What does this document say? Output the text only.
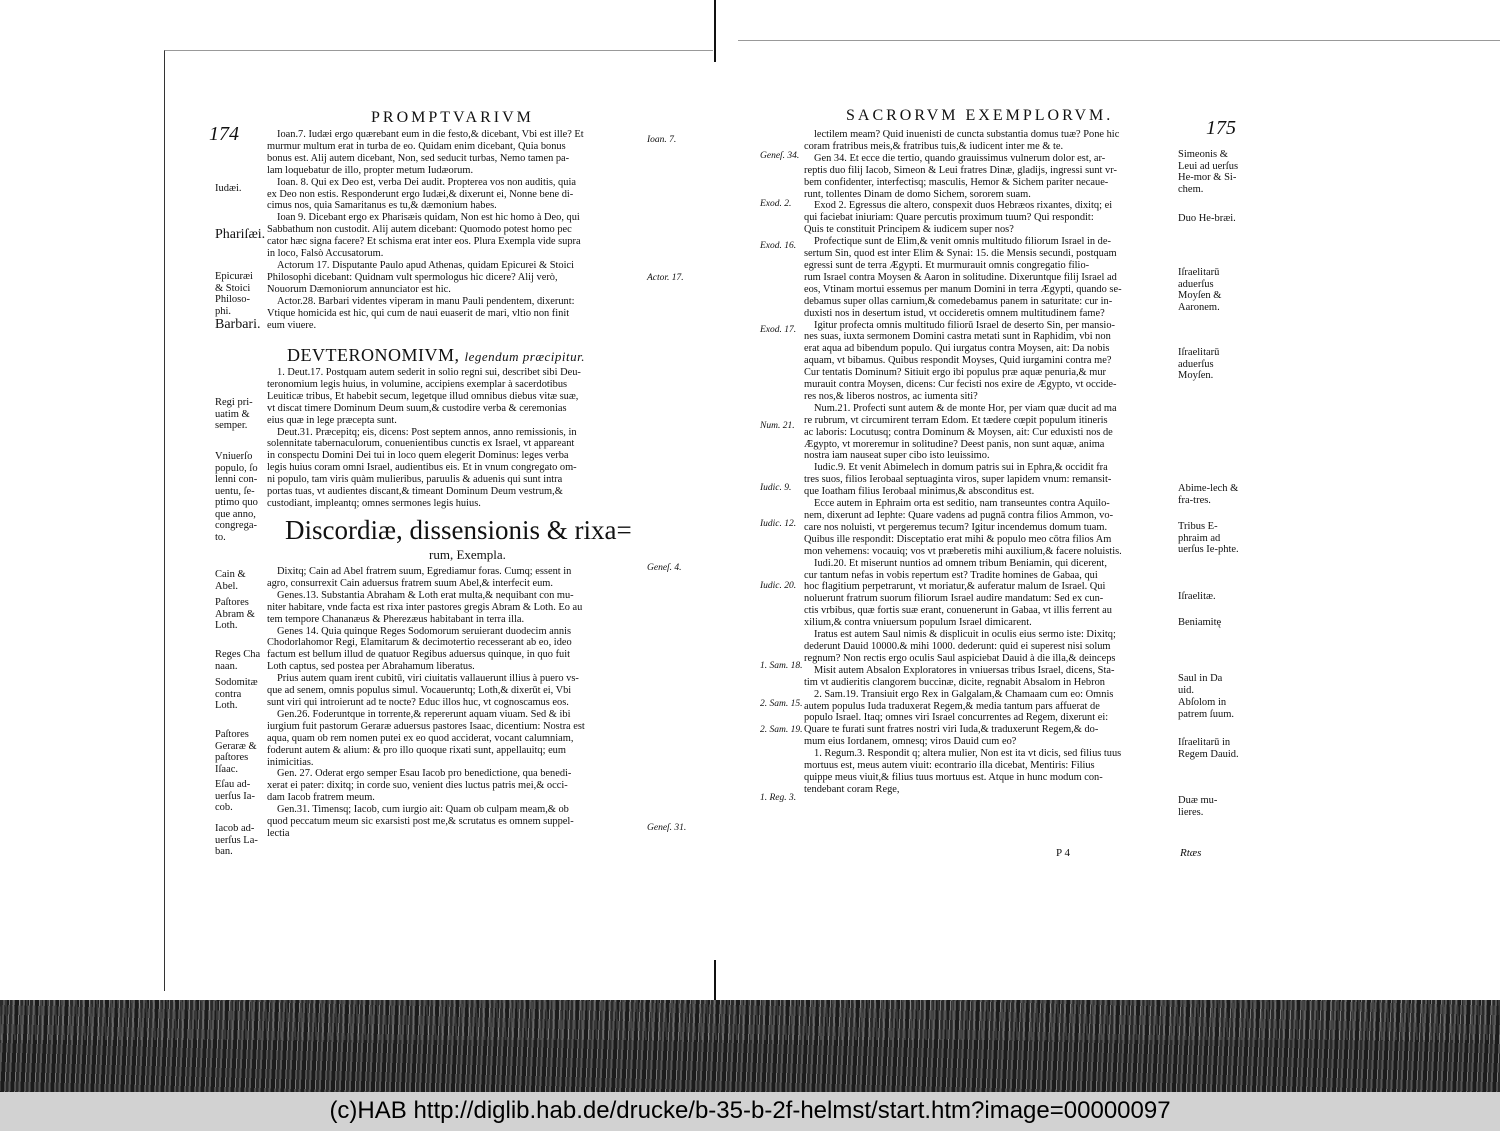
PROMPTVARIVM
174	Ioan.7. Iudæi ergo quærebant eum in die festo,& dicebant, Vbi est ille? Et
murmur multum erat in turba de eo. Quidam enim dicebant, Quia bonus
bonus est. Alij autem dicebant, Non, sed seducit turbas, Nemo tamen pa-
lam loquebatur de illo, propter metum Iudæorum.
Ioan. 8. Qui ex Deo est, verba Dei audit. Propterea vos non auditis, quia
ex Deo non estis. Responderunt ergo Iudæi,& dixerunt ei, Nonne bene di-
cimus nos, quia Samaritanus es tu,& dæmonium habes.
Ioan 9. Dicebant ergo ex Pharisæis quidam, Non est hic homo à Deo, qui
Sabbathum non custodit. Alij autem dicebant: Quomodo potest homo pec
cator hæc signa facere? Et schisma erat inter eos. Plura Exempla vide supra
in loco, Falsò Accusatorum.
Actorum 17. Disputante Paulo apud Athenas, quidam Epicurei & Stoici
Philosophi dicebant: Quidnam vult spermologus hic dicere? Alij verò,
Nouorum Dæmoniorum annunciator est hic.
Actor.28. Barbari videntes viperam in manu Pauli pendentem, dixerunt:
Vtique homicida est hic, qui cum de naui euaserit de mari, vltio non finit
eum viuere.
DEVTERONOMIVM, legendum præcipitur.
1. Deut.17. Postquam autem sederit in solio regni sui, describet sibi Deu-
teronomium legis huius, in volumine, accipiens exemplar à sacerdotibus
Leuiticæ tribus, Et habebit secum, legetque illud omnibus diebus vitæ suæ,
vt discat timere Dominum Deum suum,& custodire verba & ceremonias
eius quæ in lege præcepta sunt.
Deut.31. Præcepitq; eis, dicens: Post septem annos, anno remissionis, in
solennitate tabernaculorum, conuenientibus cunctis ex Israel, vt appareant
in conspectu Domini Dei tui in loco quem elegerit Dominus: leges verba
legis huius coram omni Israel, audientibus eis. Et in vnum congregato om-
ni populo, tam viris quàm mulieribus, paruulis & aduenis qui sunt intra
portas tuas, vt audientes discant,& timeant Dominum Deum vestrum,&
custodiant, impleantq; omnes sermones legis huius.
Discordiæ, dissensionis & rixa=
rum, Exempla.
Dixitq; Cain ad Abel fratrem suum, Egrediamur foras. Cumq; essent in
agro, consurrexit Cain aduersus fratrem suum Abel,& interfecit eum.
Genes.13. Substantia Abraham & Loth erat multa,& nequibant con mu-
niter habitare, vnde facta est rixa inter pastores gregis Abram & Loth. Eo au
tem tempore Chananæus & Pherezæus habitabant in terra illa.
Genes 14. Quia quinque Reges Sodomorum seruierant duodecim annis
Chodorlahomor Regi, Elamitarum & decimotertio recesserant ab eo, ideo
factum est bellum illud de quatuor Regibus aduersus quinque, in quo fuit
Loth captus, sed postea per Abrahamum liberatus.
Prius autem quam irent cubitū, viri ciuitatis vallauerunt illius à puero vs-
que ad senem, omnis populus simul. Vocaueruntq; Loth,& dixerūt ei, Vbi
sunt viri qui introierunt ad te nocte? Educ illos huc, vt cognoscamus eos.
Gen.26. Foderuntque in torrente,& repererunt aquam viuam. Sed & ibi
iurgium fuit pastorum Geraræ aduersus pastores Isaac, dicentium: Nostra est
aqua, quam ob rem nomen putei ex eo quod acciderat, vocant calumniam,
foderunt autem & alium: & pro illo quoque rixati sunt, appellauitq; eum
inimicitias.
Gen. 27. Oderat ergo semper Esau Iacob pro benedictione, qua benedi-
xerat ei pater: dixitq; in corde suo, venient dies luctus patris mei,& occi-
dam Iacob fratrem meum.
Gen.31. Timensq; Iacob, cum iurgio ait: Quam ob culpam meam,& ob
quod peccatum meum sic exarsisti post me,& scrutatus es omnem suppel-
lectia
Iudæi.
Phariſæi.
Epicuræi & Stoici Philoso-phi.
Barbari.
Regi pri-uatim & semper.
Vniuerſo populo, ſo lenni con-uentu, ſe-ptimo quo que anno, congrega-to.
Cain & Abel.
Paſtores Abram & Loth.
Reges Cha naan.
Sodomitæ contra Loth.
Paſtores Geraræ & paſtores Iſaac.
Eſau ad-uerſus Ia-cob.
Iacob ad-uerſus La-ban.
Ioan. 7.
Actor. 17.
Geneſ. 4.
Geneſ. 31.
SACRORVM EXEMPLORVM.
175
lectilem meam? Quid inuenisti de cuncta substantia domus tuæ? Pone hic
coram fratribus meis,& fratribus tuis,& iudicent inter me & te.
Gen 34. Et ecce die tertio, quando grauissimus vulnerum dolor est, ar-
reptis duo filij Iacob, Simeon & Leui fratres Dinæ, gladijs, ingressi sunt vr-
bem confidenter, interfectisq; masculis, Hemor & Sichem pariter necaue-
runt, tollentes Dinam de domo Sichem, sororem suam.
Exod 2. Egressus die altero, conspexit duos Hebræos rixantes, dixitq; ei
qui faciebat iniuriam: Quare percutis proximum tuum? Qui respondit:
Quis te constituit Principem & iudicem super nos?
Profectique sunt de Elim,& venit omnis multitudo filiorum Israel in de-
sertum Sin, quod est inter Elim & Synai: 15. die Mensis secundi, postquam
egressi sunt de terra Ægypti. Et murmurauit omnis congregatio filio-
rum Israel contra Moysen & Aaron in solitudine. Dixeruntque filij Israel ad
eos, Vtinam mortui essemus per manum Domini in terra Ægypti, quando se-
debamus super ollas carnium,& comedebamus panem in saturitate: cur in-
duxisti nos in desertum istud, vt occideretis omnem multitudinem fame?
Igitur profecta omnis multitudo filiorū Israel de deserto Sin, per mansio-
nes suas, iuxta sermonem Domini castra metati sunt in Raphidim, vbi non
erat aqua ad bibendum populo. Qui iurgatus contra Moysen, ait: Da nobis
aquam, vt bibamus. Quibus respondit Moyses, Quid iurgamini contra me?
Cur tentatis Dominum? Sitiuit ergo ibi populus præ aquæ penuria,& mur
murauit contra Moysen, dicens: Cur fecisti nos exire de Ægypto, vt occide-
res nos,& liberos nostros, ac iumenta siti?
Num.21. Profecti sunt autem & de monte Hor, per viam quæ ducit ad ma
re rubrum, vt circumirent terram Edom. Et tædere cœpit populum itineris
ac laboris: Locutusq; contra Dominum & Moysen, ait: Cur eduxisti nos de
Ægypto, vt moreremur in solitudine? Deest panis, non sunt aquæ, anima
nostra iam nauseat super cibo isto leuissimo.
Iudic.9. Et venit Abimelech in domum patris sui in Ephra,& occidit fra
tres suos, filios Ierobaal septuaginta viros, super lapidem vnum: remansit-
que Ioatham filius Ierobaal minimus,& absconditus est.
Ecce autem in Ephraim orta est seditio, nam transeuntes contra Aquilo-
nem, dixerunt ad Iephte: Quare vadens ad pugnā contra filios Ammon, vo-
care nos noluisti, vt pergeremus tecum? Igitur incendemus domum tuam.
Quibus ille respondit: Disceptatio erat mihi & populo meo cōtra filios Am
mon vehemens: vocauiq; vos vt præberetis mihi auxilium,& facere noluistis.
Iudi.20. Et miserunt nuntios ad omnem tribum Beniamin, qui dicerent,
cur tantum nefas in vobis repertum est? Tradite homines de Gabaa, qui
hoc flagitium perpetrarunt, vt moriatur,& auferatur malum de Israel. Qui
noluerunt fratrum suorum filiorum Israel audire mandatum: Sed ex cun-
ctis vrbibus, quæ fortis suæ erant, conuenerunt in Gabaa, vt illis ferrent au
xilium,& contra vniuersum populum Israel dimicarent.
Iratus est autem Saul nimis & displicuit in oculis eius sermo iste: Dixitq;
dederunt Dauid 10000.& mihi 1000. dederunt: quid ei superest nisi solum
regnum? Non rectis ergo oculis Saul aspiciebat Dauid à die illa,& deinceps
Misit autem Absalon Exploratores in vniuersas tribus Israel, dicens, Sta-
tim vt audieritis clangorem buccinæ, dicite, regnabit Absalom in Hebron
2. Sam.19. Transiuit ergo Rex in Galgalam,& Chamaam cum eo: Omnis
autem populus Iuda traduxerat Regem,& media tantum pars affuerat de
populo Israel. Itaq; omnes viri Israel concurrentes ad Regem, dixerunt ei:
Quare te furati sunt fratres nostri viri Iuda,& traduxerunt Regem,& do-
mum eius Iordanem, omnesq; viros Dauid cum eo?
1. Regum.3. Respondit q; altera mulier, Non est ita vt dicis, sed filius tuus
mortuus est, meus autem viuit: econtrario illa dicebat, Mentiris: Filius
quippe meus viuit,& filius tuus mortuus est. Atque in hunc modum con-
tendebant coram Rege,
Geneſ. 34.
Exod. 2.
Exod. 16.
Exod. 17.
Num. 21.
Iudic. 9.
Iudic. 12.
Iudic. 20.
1. Sam. 18.
2. Sam. 15.
2. Sam. 19.
1. Reg. 3.
Simeonis & Leui ad uerſus He-mor & Si-chem.
Duo He-bræi.
Iſraelitarū aduerſus Moyſen & Aaronem.
Iſraelitarū aduerſus Moyſen.
Abime-lech & fra-tres.
Tribus E-phraim ad uerſus Ie-phte.
Iſraelitæ.
Beniamitę
Saul in Da uid.
Abſolom in patrem ſuum.
Iſraelitarū in Regem Dauid.
Duæ mu-lieres.
P 4	Rtæs
(c)HAB http://diglib.hab.de/drucke/b-35-b-2f-helmst/start.htm?image=00000097
